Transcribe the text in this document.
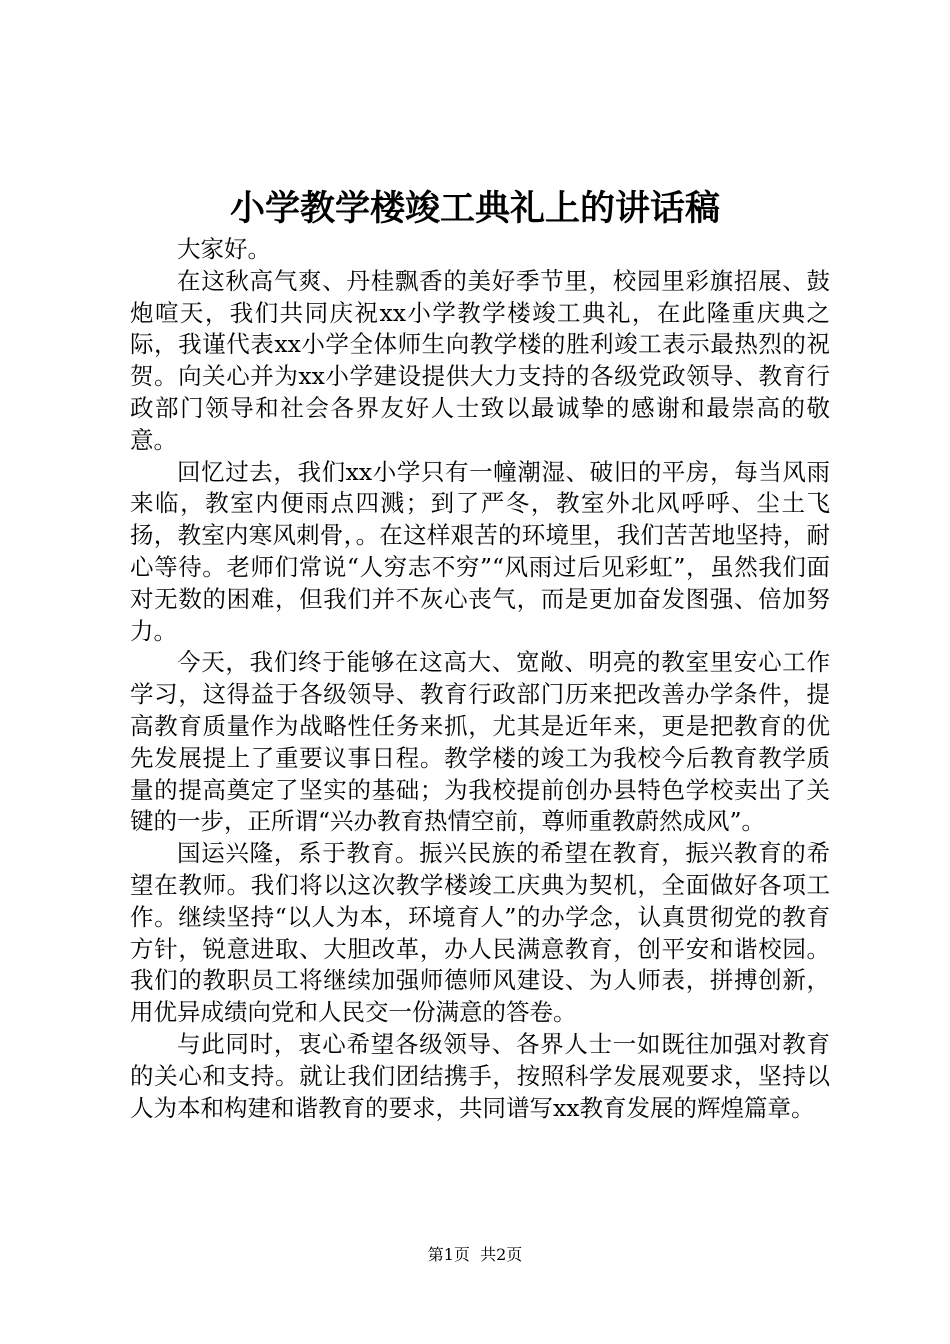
小学教学楼竣工典礼上的讲话稿

大家好。

在这秋高气爽、丹桂飘香的美好季节里，校园里彩旗招展、鼓炮喧天，我们共同庆祝xx小学教学楼竣工典礼，在此隆重庆典之际，我谨代表xx小学全体师生向教学楼的胜利竣工表示最热烈的祝贺。向关心并为xx小学建设提供大力支持的各级党政领导、教育行政部门领导和社会各界友好人士致以最诚挚的感谢和最崇高的敬意。

回忆过去，我们xx小学只有一幢潮湿、破旧的平房，每当风雨来临，教室内便雨点四溅；到了严冬，教室外北风呼呼、尘土飞扬，教室内寒风刺骨，。在这样艰苦的环境里，我们苦苦地坚持，耐心等待。老师们常说“人穷志不穷”“风雨过后见彩虹”，虽然我们面对无数的困难，但我们并不灰心丧气，而是更加奋发图强、倍加努力。

今天，我们终于能够在这高大、宽敞、明亮的教室里安心工作学习，这得益于各级领导、教育行政部门历来把改善办学条件，提高教育质量作为战略性任务来抓，尤其是近年来，更是把教育的优先发展提上了重要议事日程。教学楼的竣工为我校今后教育教学质量的提高奠定了坚实的基础；为我校提前创办县特色学校卖出了关键的一步，正所谓“兴办教育热情空前，尊师重教蔚然成风”。

国运兴隆，系于教育。振兴民族的希望在教育，振兴教育的希望在教师。我们将以这次教学楼竣工庆典为契机，全面做好各项工作。继续坚持“以人为本，环境育人”的办学念，认真贯彻党的教育方针，锐意进取、大胆改革，办人民满意教育，创平安和谐校园。我们的教职员工将继续加强师德师风建设、为人师表，拼搏创新，用优异成绩向党和人民交一份满意的答卷。

与此同时，衷心希望各级领导、各界人士一如既往加强对教育的关心和支持。就让我们团结携手，按照科学发展观要求，坚持以人为本和构建和谐教育的要求，共同谱写xx教育发展的辉煌篇章。

第1页  共2页
